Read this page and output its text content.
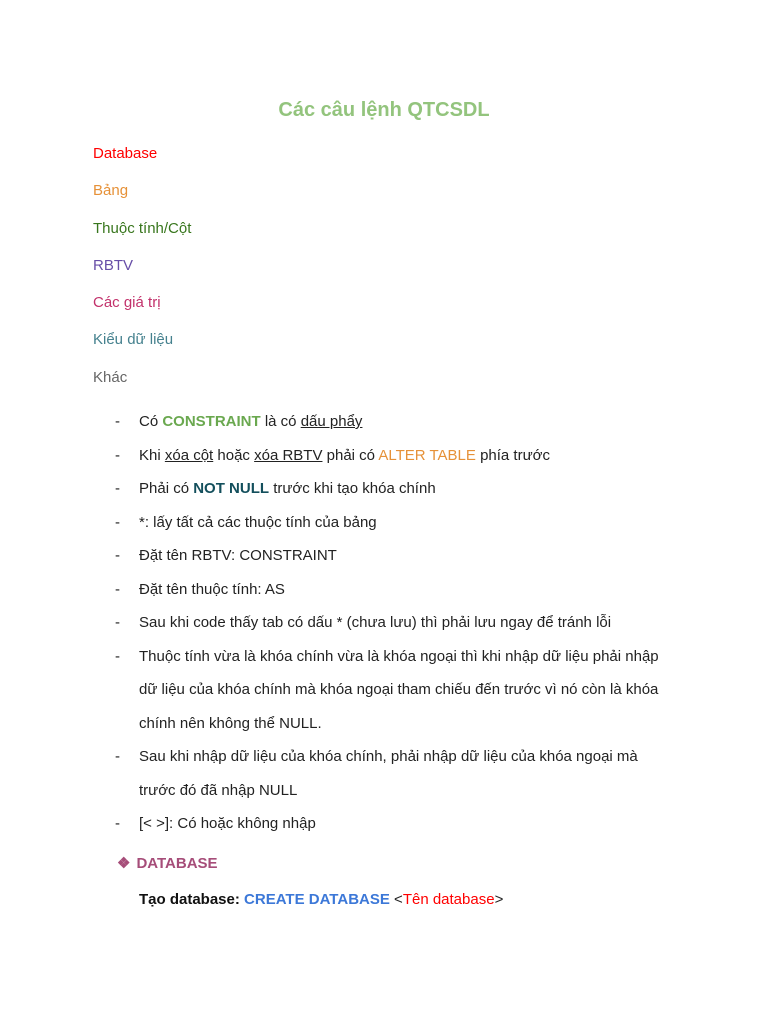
Các câu lệnh QTCSDL
Database
Bảng
Thuộc tính/Cột
RBTV
Các giá trị
Kiểu dữ liệu
Khác
- Có CONSTRAINT là có dấu phẩy
- Khi xóa cột hoặc xóa RBTV phải có ALTER TABLE phía trước
- Phải có NOT NULL trước khi tạo khóa chính
- *: lấy tất cả các thuộc tính của bảng
- Đặt tên RBTV: CONSTRAINT
- Đặt tên thuộc tính: AS
- Sau khi code thấy tab có dấu * (chưa lưu) thì phải lưu ngay để tránh lỗi
- Thuộc tính vừa là khóa chính vừa là khóa ngoại thì khi nhập dữ liệu phải nhập dữ liệu của khóa chính mà khóa ngoại tham chiếu đến trước vì nó còn là khóa chính nên không thể NULL.
- Sau khi nhập dữ liệu của khóa chính, phải nhập dữ liệu của khóa ngoại mà trước đó đã nhập NULL
- [< >]: Có hoặc không nhập
❖ DATABASE
Tạo database: CREATE DATABASE <Tên database>
